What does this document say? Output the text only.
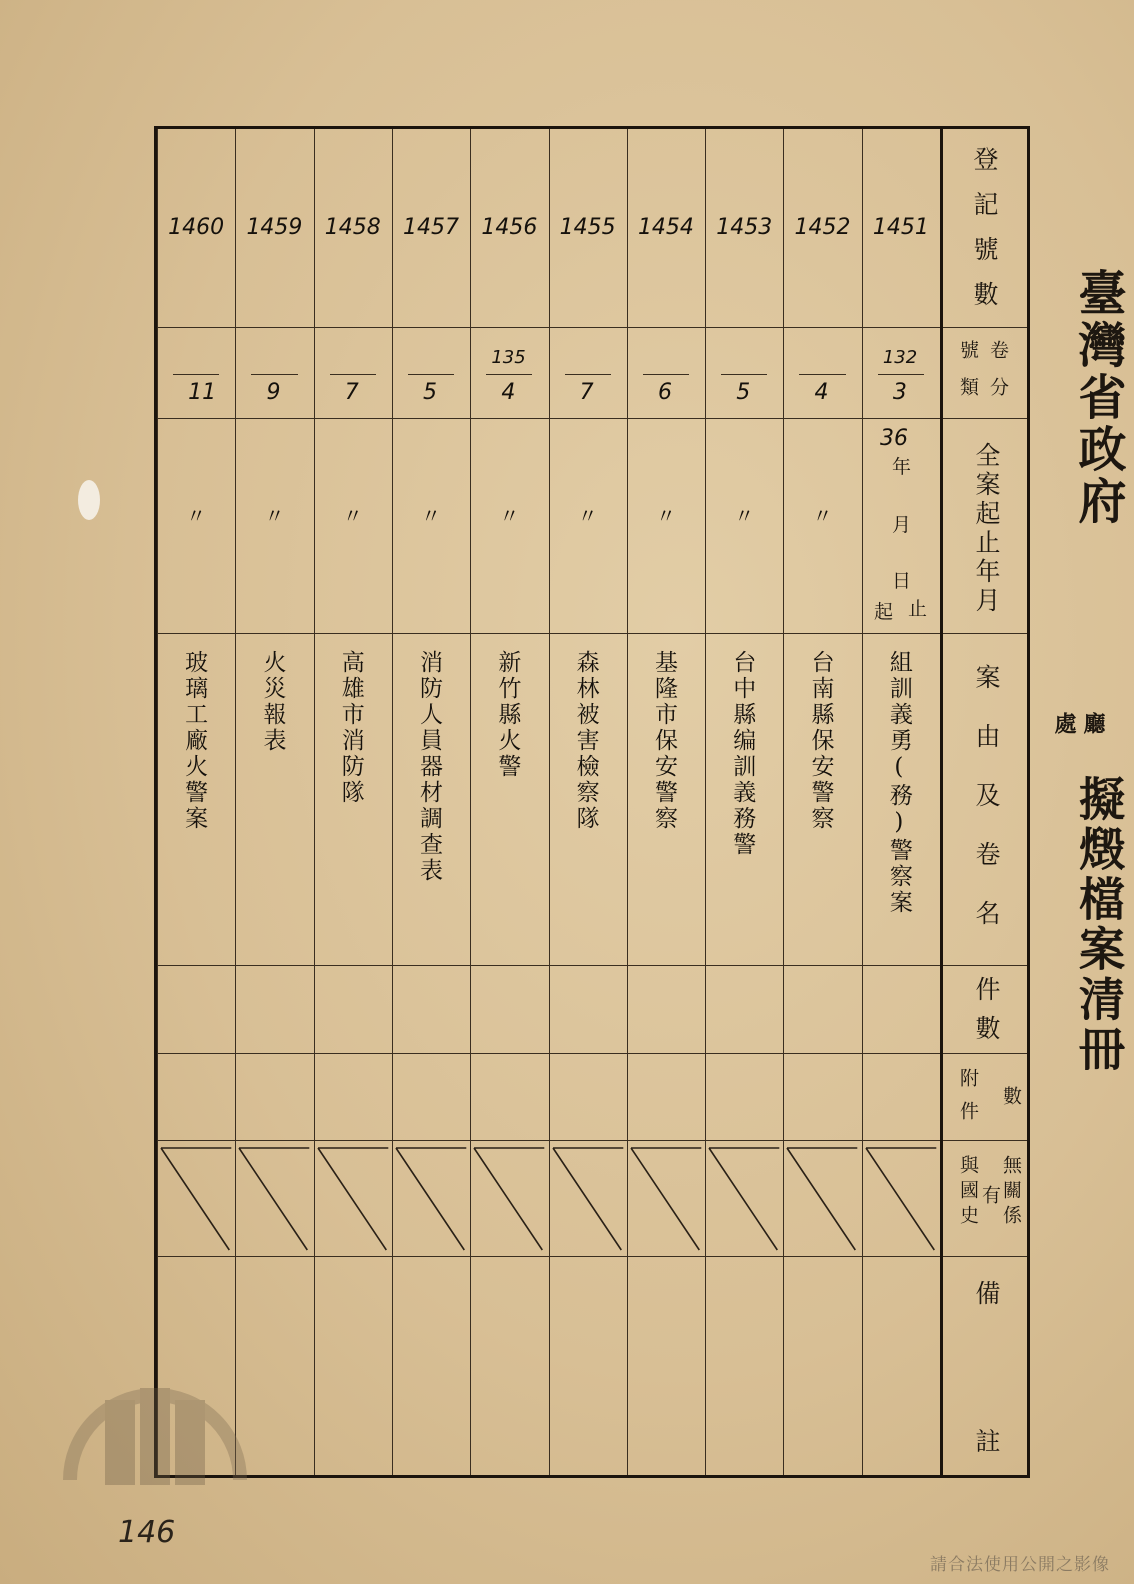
臺灣省政府
廳
處
擬燬檔案清冊
1451
132
3
組訓義勇(務)警察案
1452
4
〃
台南縣保安警察
1453
5
〃
台中縣编訓義務警
1454
6
〃
基隆市保安警察
1455
7
〃
森林被害檢察隊
1456
135
4
〃
新竹縣火警
1457
5
〃
消防人員器材調查表
1458
7
〃
高雄市消防隊
1459
9
〃
火災報表
1460
11
〃
玻璃工廠火警案
登記號數
卷分
號類
全案起止年月
案由及卷名
件數
數
附件
無關係
有
與國史
備
註
36
年
月
日
起 止
146
請合法使用公開之影像
